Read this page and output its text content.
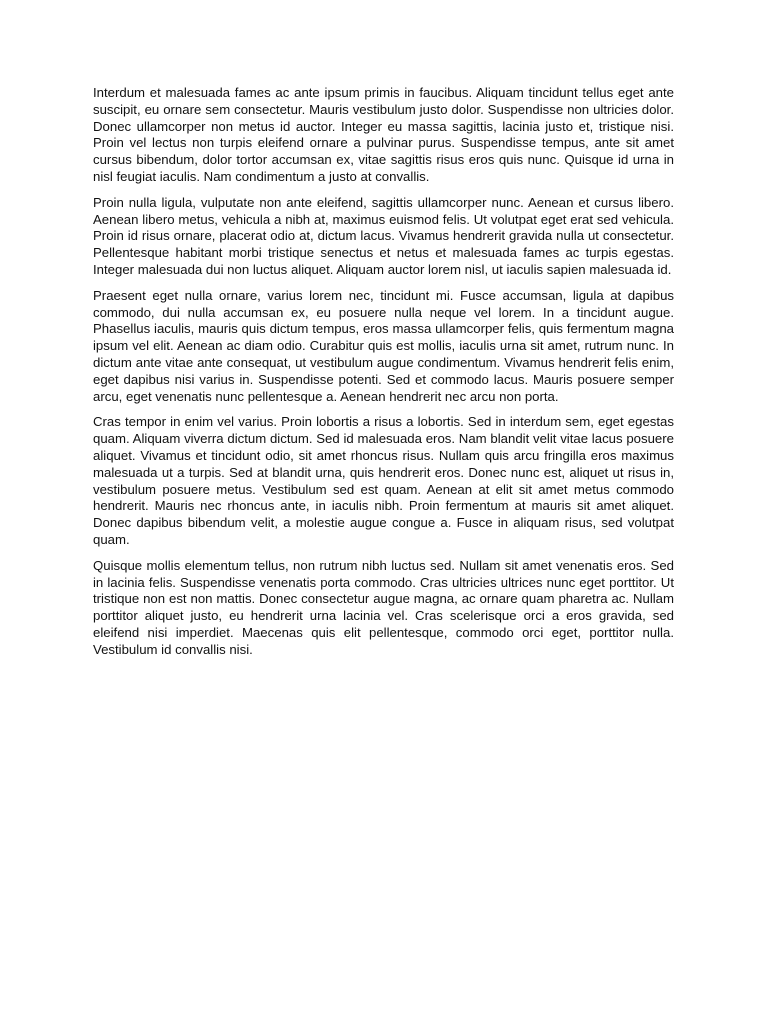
Interdum et malesuada fames ac ante ipsum primis in faucibus. Aliquam tincidunt tellus eget ante suscipit, eu ornare sem consectetur. Mauris vestibulum justo dolor. Suspendisse non ultricies dolor. Donec ullamcorper non metus id auctor. Integer eu massa sagittis, lacinia justo et, tristique nisi. Proin vel lectus non turpis eleifend ornare a pulvinar purus. Suspendisse tempus, ante sit amet cursus bibendum, dolor tortor accumsan ex, vitae sagittis risus eros quis nunc. Quisque id urna in nisl feugiat iaculis. Nam condimentum a justo at convallis.

Proin nulla ligula, vulputate non ante eleifend, sagittis ullamcorper nunc. Aenean et cursus libero. Aenean libero metus, vehicula a nibh at, maximus euismod felis. Ut volutpat eget erat sed vehicula. Proin id risus ornare, placerat odio at, dictum lacus. Vivamus hendrerit gravida nulla ut consectetur. Pellentesque habitant morbi tristique senectus et netus et malesuada fames ac turpis egestas. Integer malesuada dui non luctus aliquet. Aliquam auctor lorem nisl, ut iaculis sapien malesuada id.

Praesent eget nulla ornare, varius lorem nec, tincidunt mi. Fusce accumsan, ligula at dapibus commodo, dui nulla accumsan ex, eu posuere nulla neque vel lorem. In a tincidunt augue. Phasellus iaculis, mauris quis dictum tempus, eros massa ullamcorper felis, quis fermentum magna ipsum vel elit. Aenean ac diam odio. Curabitur quis est mollis, iaculis urna sit amet, rutrum nunc. In dictum ante vitae ante consequat, ut vestibulum augue condimentum. Vivamus hendrerit felis enim, eget dapibus nisi varius in. Suspendisse potenti. Sed et commodo lacus. Mauris posuere semper arcu, eget venenatis nunc pellentesque a. Aenean hendrerit nec arcu non porta.

Cras tempor in enim vel varius. Proin lobortis a risus a lobortis. Sed in interdum sem, eget egestas quam. Aliquam viverra dictum dictum. Sed id malesuada eros. Nam blandit velit vitae lacus posuere aliquet. Vivamus et tincidunt odio, sit amet rhoncus risus. Nullam quis arcu fringilla eros maximus malesuada ut a turpis. Sed at blandit urna, quis hendrerit eros. Donec nunc est, aliquet ut risus in, vestibulum posuere metus. Vestibulum sed est quam. Aenean at elit sit amet metus commodo hendrerit. Mauris nec rhoncus ante, in iaculis nibh. Proin fermentum at mauris sit amet aliquet. Donec dapibus bibendum velit, a molestie augue congue a. Fusce in aliquam risus, sed volutpat quam.

Quisque mollis elementum tellus, non rutrum nibh luctus sed. Nullam sit amet venenatis eros. Sed in lacinia felis. Suspendisse venenatis porta commodo. Cras ultricies ultrices nunc eget porttitor. Ut tristique non est non mattis. Donec consectetur augue magna, ac ornare quam pharetra ac. Nullam porttitor aliquet justo, eu hendrerit urna lacinia vel. Cras scelerisque orci a eros gravida, sed eleifend nisi imperdiet. Maecenas quis elit pellentesque, commodo orci eget, porttitor nulla. Vestibulum id convallis nisi.
